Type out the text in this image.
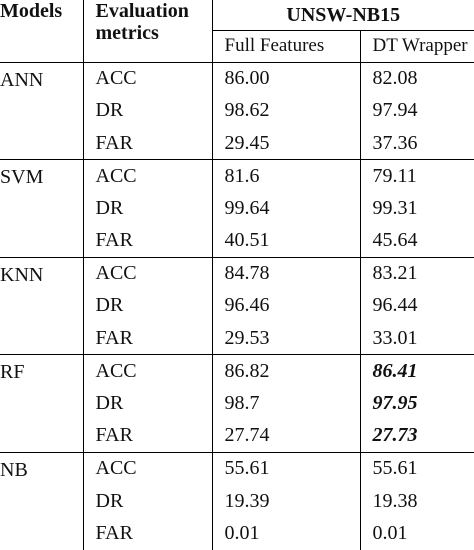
Models	Evaluation metrics	UNSW-NB15	
		Full Features	DT Wrapper
ANN	ACC	86.00	82.08
	DR	98.62	97.94
	FAR	29.45	37.36
SVM	ACC	81.6	79.11
	DR	99.64	99.31
	FAR	40.51	45.64
KNN	ACC	84.78	83.21
	DR	96.46	96.44
	FAR	29.53	33.01
RF	ACC	86.82	86.41
	DR	98.7	97.95
	FAR	27.74	27.73
NB	ACC	55.61	55.61
	DR	19.39	19.38
	FAR	0.01	0.01
